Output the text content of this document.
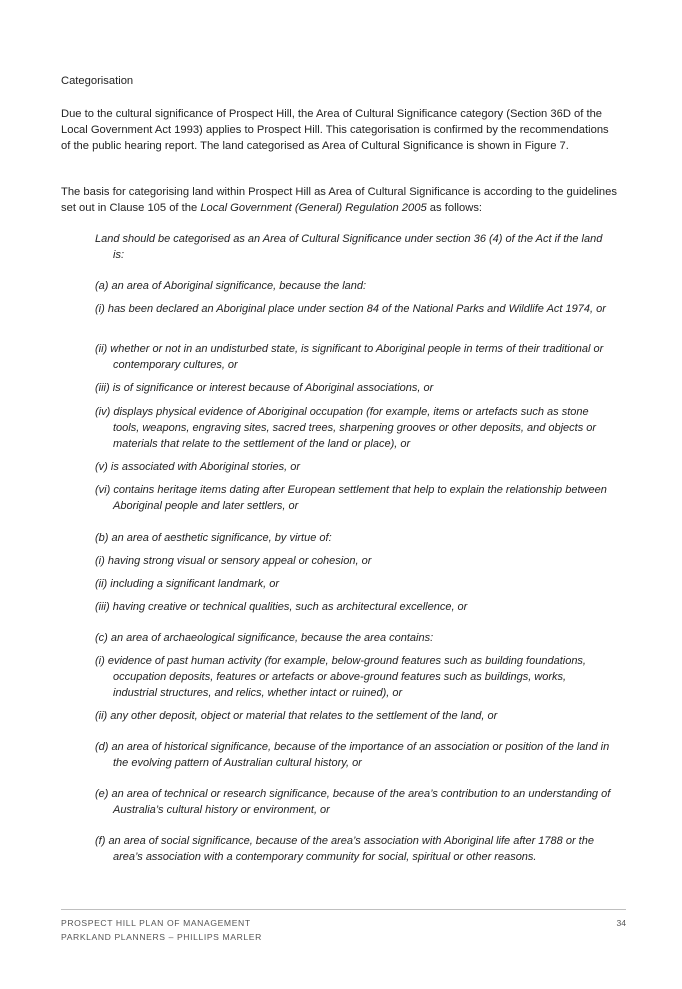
Categorisation
Due to the cultural significance of Prospect Hill, the Area of Cultural Significance category (Section 36D of the Local Government Act 1993) applies to Prospect Hill. This categorisation is confirmed by the recommendations of the public hearing report. The land categorised as Area of Cultural Significance is shown in Figure 7.
The basis for categorising land within Prospect Hill as Area of Cultural Significance is according to the guidelines set out in Clause 105 of the Local Government (General) Regulation 2005 as follows:
Land should be categorised as an Area of Cultural Significance under section 36 (4) of the Act if the land is:
(a) an area of Aboriginal significance, because the land:
(i) has been declared an Aboriginal place under section 84 of the National Parks and Wildlife Act 1974, or
(ii) whether or not in an undisturbed state, is significant to Aboriginal people in terms of their traditional or contemporary cultures, or
(iii) is of significance or interest because of Aboriginal associations, or
(iv) displays physical evidence of Aboriginal occupation (for example, items or artefacts such as stone tools, weapons, engraving sites, sacred trees, sharpening grooves or other deposits, and objects or materials that relate to the settlement of the land or place), or
(v) is associated with Aboriginal stories, or
(vi) contains heritage items dating after European settlement that help to explain the relationship between Aboriginal people and later settlers, or
(b) an area of aesthetic significance, by virtue of:
(i) having strong visual or sensory appeal or cohesion, or
(ii) including a significant landmark, or
(iii) having creative or technical qualities, such as architectural excellence, or
(c) an area of archaeological significance, because the area contains:
(i) evidence of past human activity (for example, below-ground features such as building foundations, occupation deposits, features or artefacts or above-ground features such as buildings, works, industrial structures, and relics, whether intact or ruined), or
(ii) any other deposit, object or material that relates to the settlement of the land, or
(d) an area of historical significance, because of the importance of an association or position of the land in the evolving pattern of Australian cultural history, or
(e) an area of technical or research significance, because of the area’s contribution to an understanding of Australia’s cultural history or environment, or
(f) an area of social significance, because of the area’s association with Aboriginal life after 1788 or the area’s association with a contemporary community for social, spiritual or other reasons.
PROSPECT HILL PLAN OF MANAGEMENT
PARKLAND PLANNERS – PHILLIPS MARLER
34
